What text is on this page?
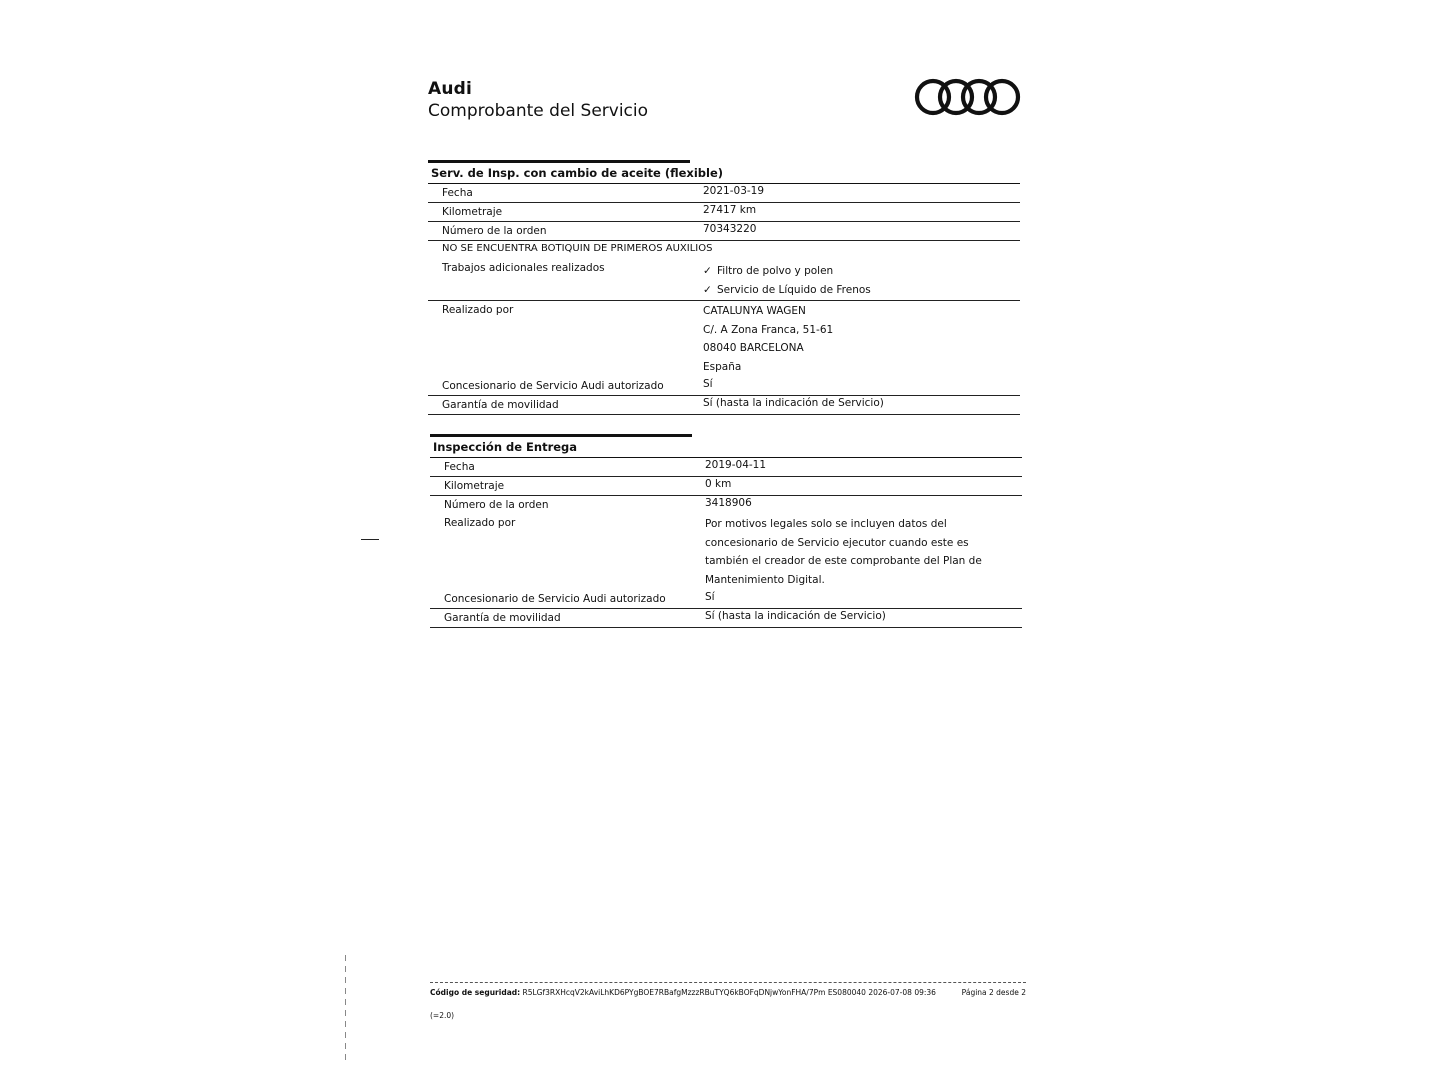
Audi
Comprobante del Servicio
Serv. de Insp. con cambio de aceite (flexible)
Fecha	2021-03-19
Kilometraje	27417 km
Número de la orden	70343220
NO SE ENCUENTRA BOTIQUIN DE PRIMEROS AUXILIOS
Trabajos adicionales realizados	✓ Filtro de polvo y polen
✓ Servicio de Líquido de Frenos
Realizado por	CATALUNYA WAGEN
C/. A Zona Franca, 51-61
08040 BARCELONA
España
Concesionario de Servicio Audi autorizado	Sí
Garantía de movilidad	Sí (hasta la indicación de Servicio)
Inspección de Entrega
Fecha	2019-04-11
Kilometraje	0 km
Número de la orden	3418906
Realizado por	Por motivos legales solo se incluyen datos del concesionario de Servicio ejecutor cuando este es también el creador de este comprobante del Plan de Mantenimiento Digital.
Concesionario de Servicio Audi autorizado	Sí
Garantía de movilidad	Sí (hasta la indicación de Servicio)
Código de seguridad: R5LGf3RXHcqV2kAviLhKD6PYgBOE7RBafgMzzzRBuTYQ6kBOFqDNjwYonFHA/7Pm ES080040 2026-07-08 09:36	Página 2 desde 2
(=2.0)
